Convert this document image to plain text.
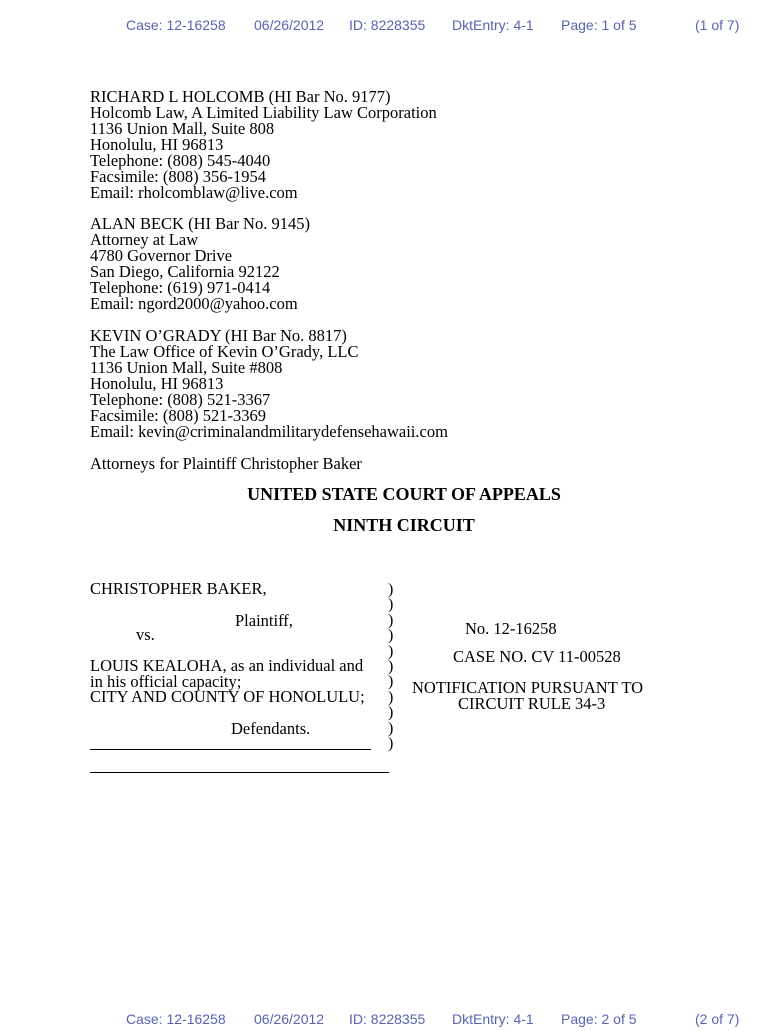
Case: 12-16258 06/26/2012 ID: 8228355 DktEntry: 4-1 Page: 1 of 5	(1 of 7)
RICHARD L HOLCOMB (HI Bar No. 9177)
Holcomb Law, A Limited Liability Law Corporation
1136 Union Mall, Suite 808
Honolulu, HI 96813
Telephone: (808) 545-4040
Facsimile: (808) 356-1954
Email: rholcomblaw@live.com
ALAN BECK (HI Bar No. 9145)
Attorney at Law
4780 Governor Drive
San Diego, California 92122
Telephone: (619) 971-0414
Email: ngord2000@yahoo.com
KEVIN O’GRADY (HI Bar No. 8817)
The Law Office of Kevin O’Grady, LLC
1136 Union Mall, Suite #808
Honolulu, HI 96813
Telephone: (808) 521-3367
Facsimile: (808) 521-3369
Email: kevin@criminalandmilitarydefensehawaii.com
Attorneys for Plaintiff Christopher Baker
UNITED STATE COURT OF APPEALS
NINTH CIRCUIT
CHRISTOPHER BAKER,
Plaintiff,
vs.
LOUIS KEALOHA, as an individual and
in his official capacity;
CITY AND COUNTY OF HONOLULU;
Defendants.
)
)
)
)
)
)
)
)
)
)
)
No. 12-16258
CASE NO. CV 11-00528
NOTIFICATION PURSUANT TO
CIRCUIT RULE 34-3
Case: 12-16258 06/26/2012 ID: 8228355 DktEntry: 4-1 Page: 2 of 5	(2 of 7)
